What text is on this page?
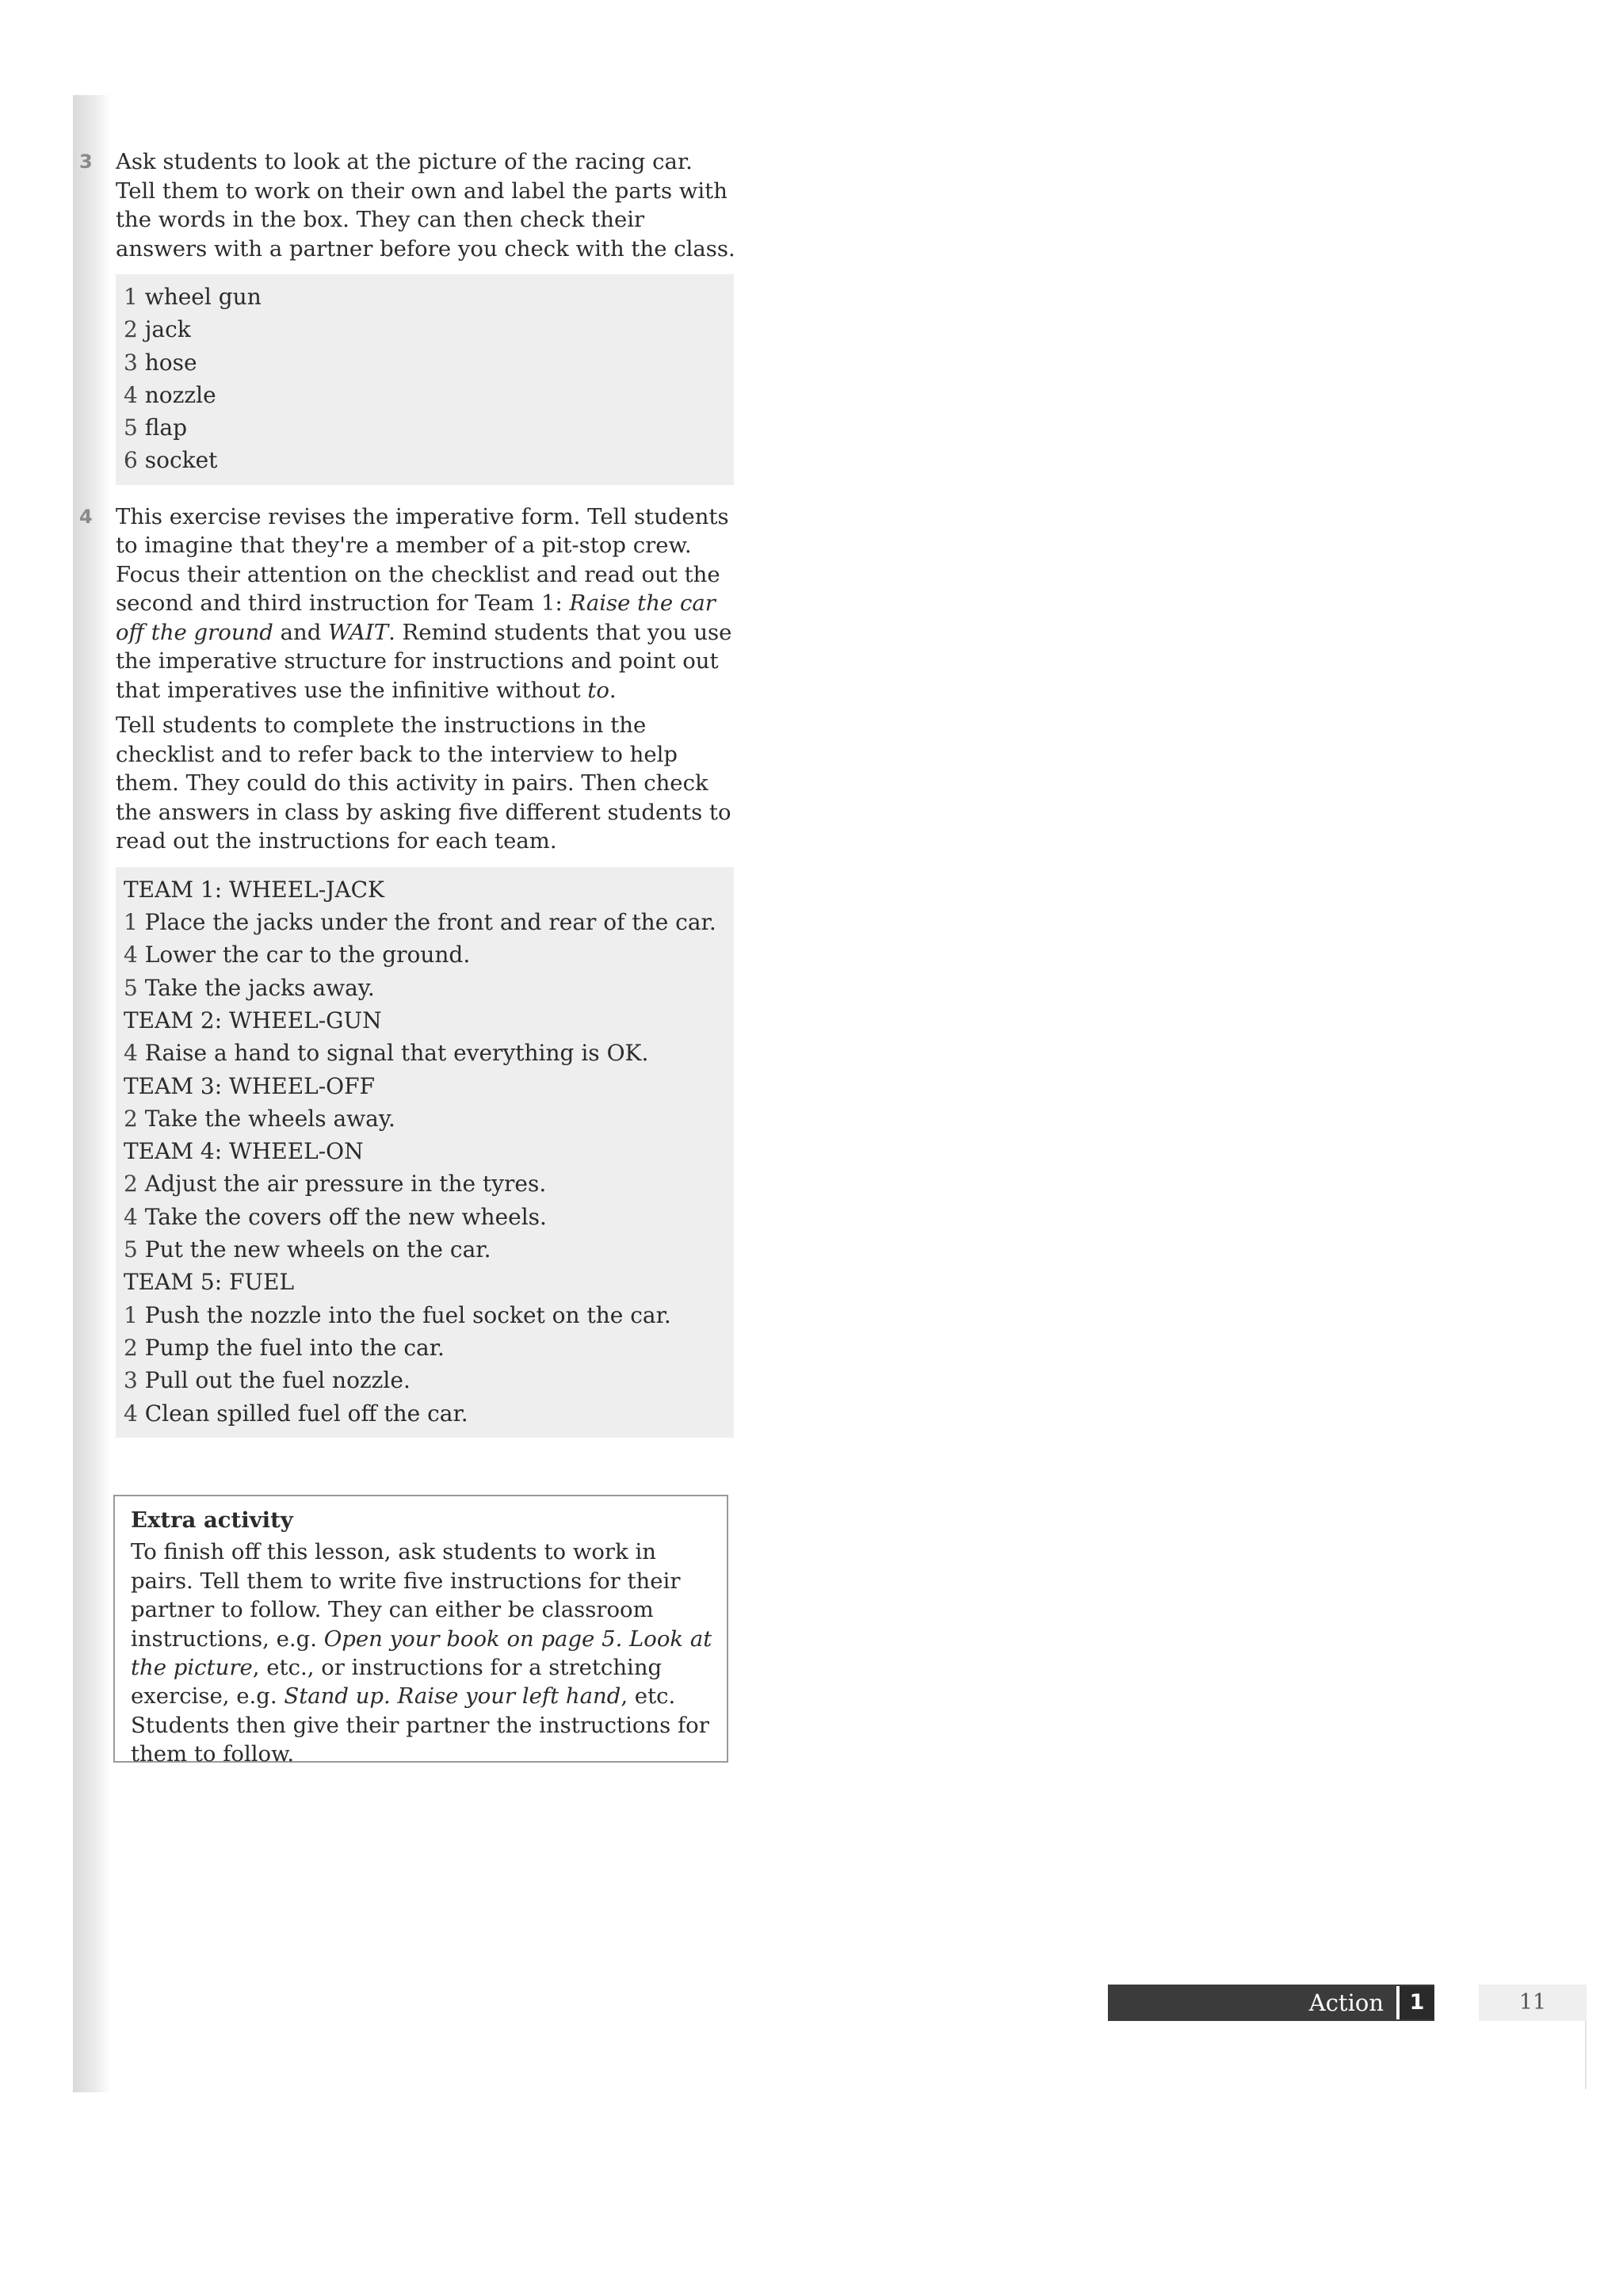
3 Ask students to look at the picture of the racing car. Tell them to work on their own and label the parts with the words in the box. They can then check their answers with a partner before you check with the class.

1 wheel gun
2 jack
3 hose
4 nozzle
5 flap
6 socket
4 This exercise revises the imperative form. Tell students to imagine that they're a member of a pit-stop crew. Focus their attention on the checklist and read out the second and third instruction for Team 1: Raise the car off the ground and WAIT. Remind students that you use the imperative structure for instructions and point out that imperatives use the infinitive without to.

Tell students to complete the instructions in the checklist and to refer back to the interview to help them. They could do this activity in pairs. Then check the answers in class by asking five different students to read out the instructions for each team.

TEAM 1: WHEEL-JACK
1 Place the jacks under the front and rear of the car.
4 Lower the car to the ground.
5 Take the jacks away.
TEAM 2: WHEEL-GUN
4 Raise a hand to signal that everything is OK.
TEAM 3: WHEEL-OFF
2 Take the wheels away.
TEAM 4: WHEEL-ON
2 Adjust the air pressure in the tyres.
4 Take the covers off the new wheels.
5 Put the new wheels on the car.
TEAM 5: FUEL
1 Push the nozzle into the fuel socket on the car.
2 Pump the fuel into the car.
3 Pull out the fuel nozzle.
4 Clean spilled fuel off the car.
Extra activity
To finish off this lesson, ask students to work in pairs. Tell them to write five instructions for their partner to follow. They can either be classroom instructions, e.g. Open your book on page 5. Look at the picture, etc., or instructions for a stretching exercise, e.g. Stand up. Raise your left hand, etc. Students then give their partner the instructions for them to follow.
Action	1	11
